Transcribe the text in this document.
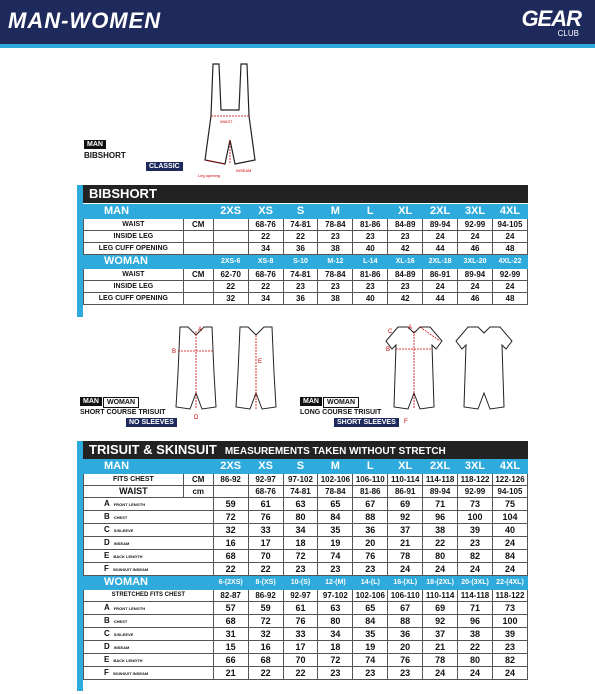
MAN-WOMEN	GEAR
CLUB
WAIST
Leg opening
INSEAM
MAN
BIBSHORT
CLASSIC
BIBSHORT
MAN		2XS	XS	S	M	L	XL	2XL	3XL	4XL
WAIST	CM		68-76	74-81	78-84	81-86	84-89	89-94	92-99	94-105
INSIDE LEG			22	22	23	23	23	24	24	24
LEG CUFF OPENING			34	36	38	40	42	44	46	48
WOMAN		2XS-6	XS-8	S-10	M-12	L-14	XL-16	2XL-18	3XL-20	4XL-22
WAIST	CM	62-70	68-76	74-81	78-84	81-86	84-89	86-91	89-94	92-99
INSIDE LEG		22	22	23	23	23	23	24	24	24
LEG CUFF OPENING		32	34	36	38	40	42	44	46	48
A
B
E
D
C
A
B
F
MAN	WOMAN
SHORT COURSE TRISUIT
NO SLEEVES
MAN	WOMAN
LONG COURSE TRISUIT
SHORT SLEEVES
TRISUIT & SKINSUIT MEASUREMENTS TAKEN WITHOUT STRETCH
MAN		2XS	XS	S	M	L	XL	2XL	3XL	4XL
FITS CHEST	CM	86-92	92-97	97-102	102-106	106-110	110-114	114-118	118-122	122-126
WAIST	cm		68-76	74-81	78-84	81-86	86-91	89-94	92-99	94-105
A FRONT LENGTH		59	61	63	65	67	69	71	73	75
B CHEST		72	76	80	84	88	92	96	100	104
C S/SLEEVE		32	33	34	35	36	37	38	39	40
D INSEAM		16	17	18	19	20	21	22	23	24
E BACK LENGTH		68	70	72	74	76	78	80	82	84
F SKINSUIT INSEAM		22	22	23	23	23	24	24	24	24
WOMAN		6-(2XS)	8-(XS)	10-(S)	12-(M)	14-(L)	16-(XL)	18-(2XL)	20-(3XL)	22-(4XL)
STRETCHED FITS CHEST		82-87	86-92	92-97	97-102	102-106	106-110	110-114	114-118	118-122
A FRONT LENGTH		57	59	61	63	65	67	69	71	73
B CHEST		68	72	76	80	84	88	92	96	100
C S/SLEEVE		31	32	33	34	35	36	37	38	39
D INSEAM		15	16	17	18	19	20	21	22	23
E BACK LENGTH		66	68	70	72	74	76	78	80	82
F SKINSUIT INSEAM		21	22	22	23	23	23	24	24	24
